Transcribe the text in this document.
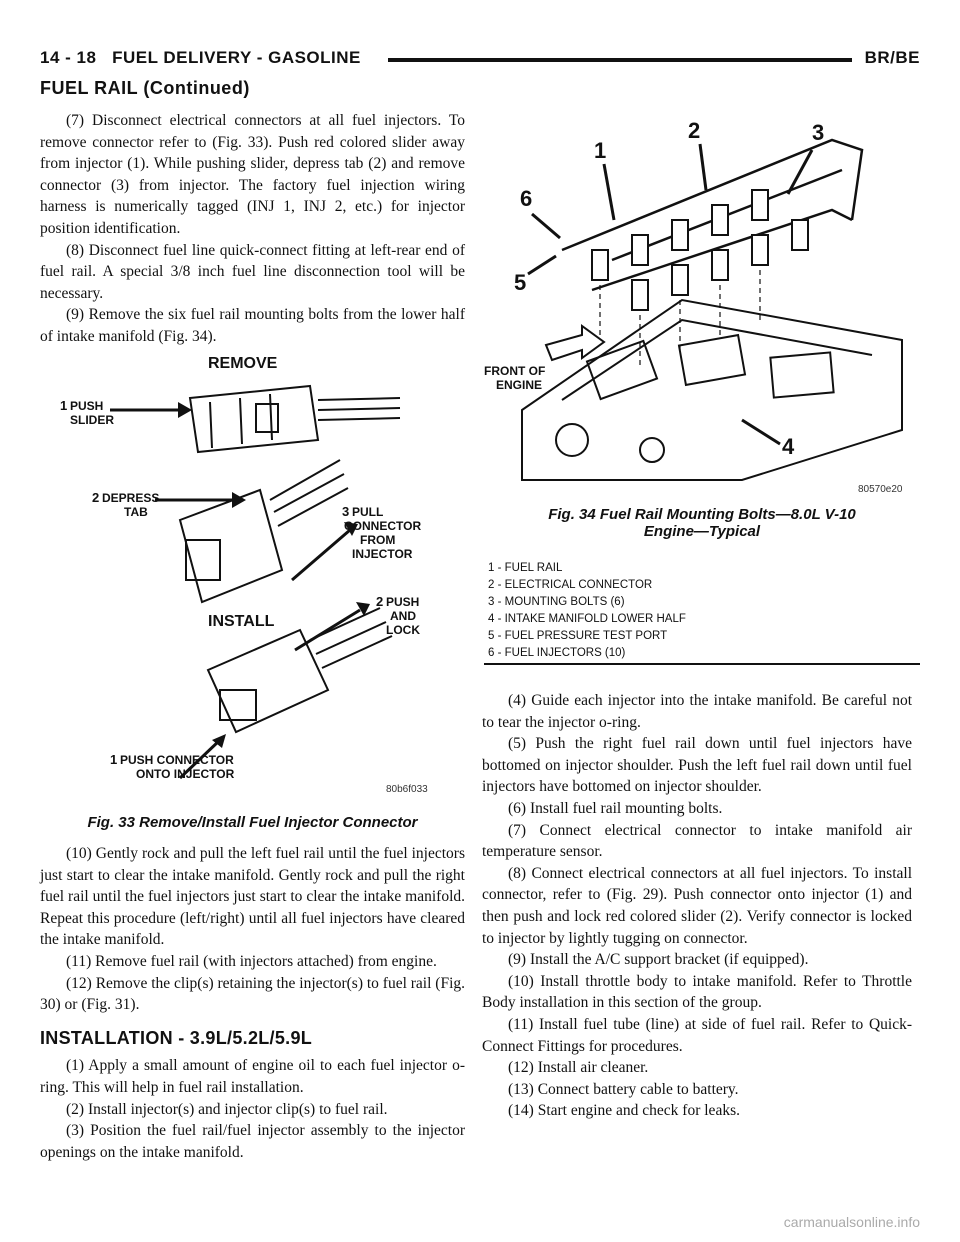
14 - 18 FUEL DELIVERY - GASOLINE	BR/BE
FUEL RAIL (Continued)

(7) Disconnect electrical connectors at all fuel injectors. To remove connector refer to (Fig. 33). Push red colored slider away from injector (1). While pushing slider, depress tab (2) and remove connector (3) from injector. The factory fuel injection wiring harness is numerically tagged (INJ 1, INJ 2, etc.) for injector position identification.

(8) Disconnect fuel line quick-connect fitting at left-rear end of fuel rail. A special 3/8 inch fuel line disconnection tool will be necessary.

(9) Remove the six fuel rail mounting bolts from the lower half of intake manifold (Fig. 34).

REMOVE
1 PUSH
SLIDER
2 DEPRESS
TAB	3 PULL
CONNECTOR
FROM
INJECTOR
INSTALL
2 PUSH
AND
LOCK
1 PUSH CONNECTOR
ONTO INJECTOR
80b6f033
Fig. 33 Remove/Install Fuel Injector Connector

(10) Gently rock and pull the left fuel rail until the fuel injectors just start to clear the intake manifold. Gently rock and pull the right fuel rail until the fuel injectors just start to clear the intake manifold. Repeat this procedure (left/right) until all fuel injectors have cleared the intake manifold.

(11) Remove fuel rail (with injectors attached) from engine.

(12) Remove the clip(s) retaining the injector(s) to fuel rail (Fig. 30) or (Fig. 31).

INSTALLATION - 3.9L/5.2L/5.9L

(1) Apply a small amount of engine oil to each fuel injector o-ring. This will help in fuel rail installation.

(2) Install injector(s) and injector clip(s) to fuel rail.

(3) Position the fuel rail/fuel injector assembly to the injector openings on the intake manifold.

FRONT OF
ENGINE
1
2	3
6
5
4
80570e20
Fig. 34 Fuel Rail Mounting Bolts—8.0L V-10
Engine—Typical
1 - FUEL RAIL
2 - ELECTRICAL CONNECTOR
3 - MOUNTING BOLTS (6)
4 - INTAKE MANIFOLD LOWER HALF
5 - FUEL PRESSURE TEST PORT
6 - FUEL INJECTORS (10)

(4) Guide each injector into the intake manifold. Be careful not to tear the injector o-ring.

(5) Push the right fuel rail down until fuel injectors have bottomed on injector shoulder. Push the left fuel rail down until fuel injectors have bottomed on injector shoulder.

(6) Install fuel rail mounting bolts.

(7) Connect electrical connector to intake manifold air temperature sensor.

(8) Connect electrical connectors at all fuel injectors. To install connector, refer to (Fig. 29). Push connector onto injector (1) and then push and lock red colored slider (2). Verify connector is locked to injector by lightly tugging on connector.

(9) Install the A/C support bracket (if equipped).

(10) Install throttle body to intake manifold. Refer to Throttle Body installation in this section of the group.

(11) Install fuel tube (line) at side of fuel rail. Refer to Quick-Connect Fittings for procedures.

(12) Install air cleaner.

(13) Connect battery cable to battery.

(14) Start engine and check for leaks.

carmanualsonline.info
